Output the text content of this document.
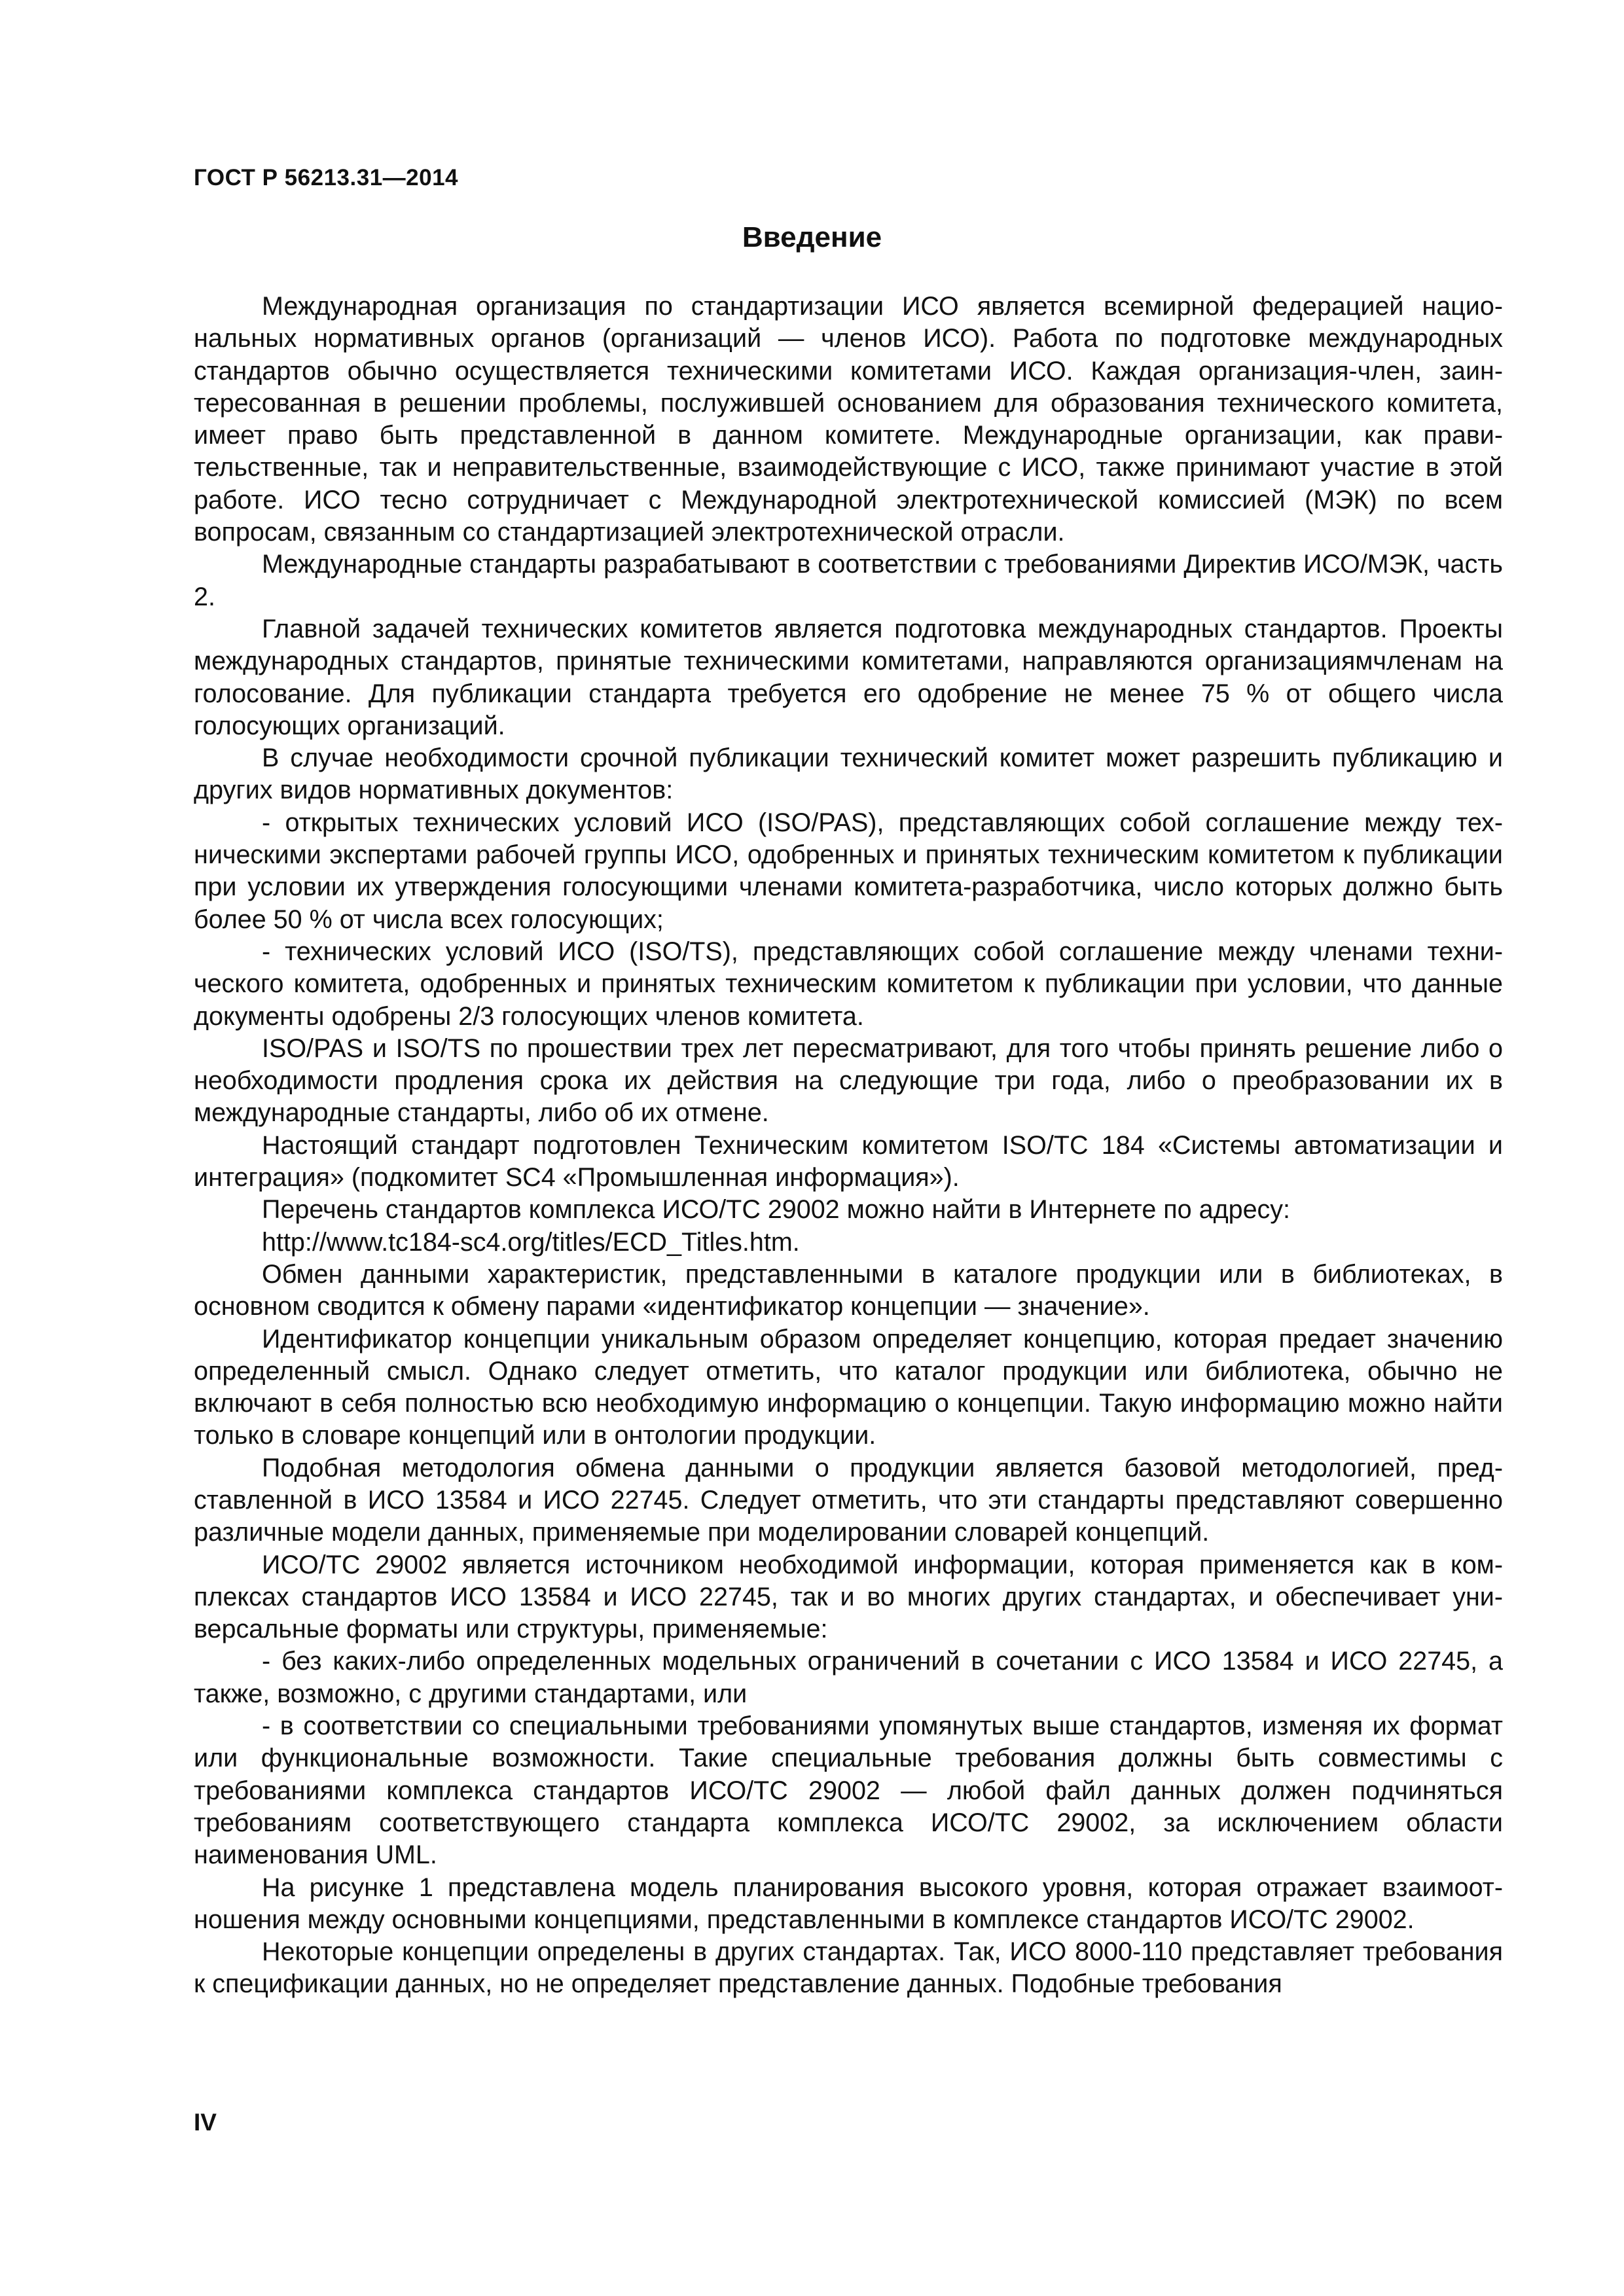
ГОСТ Р 56213.31—2014
Введение

Международная организация по стандартизации ИСО является всемирной федерацией национальных нормативных органов (организаций — членов ИСО). Работа по подготовке международных стандартов обычно осуществляется техническими комитетами ИСО. Каждая организация-член, заинтересованная в решении проблемы, послужившей основанием для образования технического комитета, имеет право быть представленной в данном комитете. Международные организации, как правительственные, так и неправительственные, взаимодействующие с ИСО, также принимают участие в этой работе. ИСО тесно сотрудничает с Международной электротехнической комиссией (МЭК) по всем вопросам, связанным со стандартизацией электротехнической отрасли.

Международные стандарты разрабатывают в соответствии с требованиями Директив ИСО/МЭК, часть 2.

Главной задачей технических комитетов является подготовка международных стандартов. Проекты международных стандартов, принятые техническими комитетами, направляются организациямчленам на голосование. Для публикации стандарта требуется его одобрение не менее 75 % от общего числа голосующих организаций.

В случае необходимости срочной публикации технический комитет может разрешить публикацию и других видов нормативных документов:

- открытых технических условий ИСО (ISO/PAS), представляющих собой соглашение между техническими экспертами рабочей группы ИСО, одобренных и принятых техническим комитетом к публикации при условии их утверждения голосующими членами комитета-разработчика, число которых должно быть более 50 % от числа всех голосующих;

- технических условий ИСО (ISO/TS), представляющих собой соглашение между членами технического комитета, одобренных и принятых техническим комитетом к публикации при условии, что данные документы одобрены 2/3 голосующих членов комитета.

ISO/PAS и ISO/TS по прошествии трех лет пересматривают, для того чтобы принять решение либо о необходимости продления срока их действия на следующие три года, либо о преобразовании их в международные стандарты, либо об их отмене.

Настоящий стандарт подготовлен Техническим комитетом ISO/TC 184 «Системы автоматизации и интеграция» (подкомитет SC4 «Промышленная информация»).

Перечень стандартов комплекса ИСО/ТС 29002 можно найти в Интернете по адресу:

http://www.tc184-sc4.org/titles/ECD_Titles.htm.

Обмен данными характеристик, представленными в каталоге продукции или в библиотеках, в основном сводится к обмену парами «идентификатор концепции — значение».

Идентификатор концепции уникальным образом определяет концепцию, которая предает значению определенный смысл. Однако следует отметить, что каталог продукции или библиотека, обычно не включают в себя полностью всю необходимую информацию о концепции. Такую информацию можно найти только в словаре концепций или в онтологии продукции.

Подобная методология обмена данными о продукции является базовой методологией, представленной в ИСО 13584 и ИСО 22745. Следует отметить, что эти стандарты представляют совершенно различные модели данных, применяемые при моделировании словарей концепций.

ИСО/ТС 29002 является источником необходимой информации, которая применяется как в комплексах стандартов ИСО 13584 и ИСО 22745, так и во многих других стандартах, и обеспечивает универсальные форматы или структуры, применяемые:

- без каких-либо определенных модельных ограничений в сочетании с ИСО 13584 и ИСО 22745, а также, возможно, с другими стандартами, или

- в соответствии со специальными требованиями упомянутых выше стандартов, изменяя их формат или функциональные возможности. Такие специальные требования должны быть совместимы с требованиями комплекса стандартов ИСО/ТС 29002 — любой файл данных должен подчиняться требованиям соответствующего стандарта комплекса ИСО/ТС 29002, за исключением области наименования UML.

На рисунке 1 представлена модель планирования высокого уровня, которая отражает взаимоотношения между основными концепциями, представленными в комплексе стандартов ИСО/ТС 29002.

Некоторые концепции определены в других стандартах. Так, ИСО 8000-110 представляет требования к спецификации данных, но не определяет представление данных. Подобные требования

IV
